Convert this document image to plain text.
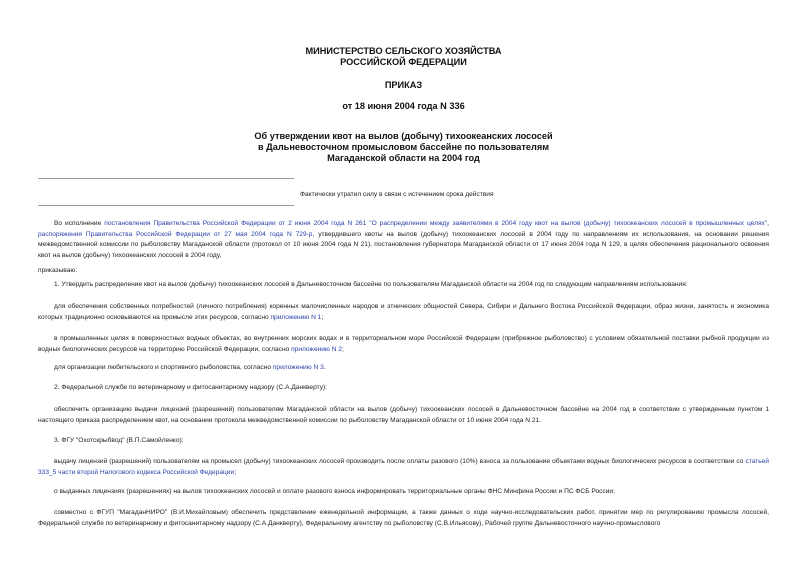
МИНИСТЕРСТВО СЕЛЬСКОГО ХОЗЯЙСТВА
РОССИЙСКОЙ ФЕДЕРАЦИИ
ПРИКАЗ
от 18 июня 2004 года N 336
Об утверждении квот на вылов (добычу) тихоокеанских лососей
в Дальневосточном промысловом бассейне по пользователям
Магаданской области на 2004 год
Фактически утратил силу в связи с истечением срока действия

Во исполнение постановления Правительства Российской Федерации от 2 июня 2004 года N 261 "О распределении между заявителями в 2004 году квот на вылов (добычу) тихоокеанских лососей в промышленных целях", распоряжения Правительства Российской Федерации от 27 мая 2004 года N 729-р, утвердившего квоты на вылов (добычу) тихоокеанских лососей в 2004 году по направлениям их использования, на основании решения межведомственной комиссии по рыболовству Магаданской области (протокол от 10 июня 2004 года N 21), постановления губернатора Магаданской области от 17 июня 2004 года N 129, в целях обеспечения рационального освоения квот на вылов (добычу) тихоокеанских лососей в 2004 году,

приказываю:

1. Утвердить распределение квот на вылов (добычу) тихоокеанских лососей в Дальневосточном бассейне по пользователям Магаданской области на 2004 год по следующим направлениям использования:

для обеспечения собственных потребностей (личного потребления) коренных малочисленных народов и этнических общностей Севера, Сибири и Дальнего Востока Российской Федерации, образ жизни, занятость и экономика которых традиционно основываются на промысле этих ресурсов, согласно приложению N 1;

в промышленных целях в поверхностных водных объектах, во внутренних морских водах и в территориальном море Российской Федерации (прибрежное рыболовство) с условием обязательной поставки рыбной продукции из водных биологических ресурсов на территорию Российской Федерации, согласно приложению N 2;

для организации любительского и спортивного рыболовства, согласно приложению N 3.

2. Федеральной службе по ветеринарному и фитосанитарному надзору (С.А.Данкверту):

обеспечить организацию выдачи лицензий (разрешений) пользователям Магаданской области на вылов (добычу) тихоокеанских лососей в Дальневосточном бассейне на 2004 год в соответствии с утвержденным пунктом 1 настоящего приказа распределением квот, на основании протокола межведомственной комиссии по рыболовству Магаданской области от 10 июня 2004 года N 21.

3. ФГУ "Охотскрыбвод" (В.П.Самойленко):

выдачу лицензий (разрешений) пользователям на промысел (добычу) тихоокеанских лососей производить после оплаты разового (10%) взноса за пользование объектами водных биологических ресурсов в соответствии со статьей 333_5 части второй Налогового кодекса Российской Федерации;

о выданных лицензиях (разрешениях) на вылов тихоокеанских лососей и оплате разового взноса информировать территориальные органы ФНС Минфина России и ПС ФСБ России;

совместно с ФГУП "МагаданНИРО" (В.И.Михайловым) обеспечить представление еженедельной информации, а также данных о ходе научно-исследовательских работ, принятии мер по регулированию промысла лососей, Федеральной службе по ветеринарному и фитосанитарному надзору (С.А.Данкверту), Федеральному агентству по рыболовству (С.В.Ильясову), Рабочей группе Дальневосточного научно-промыслового
